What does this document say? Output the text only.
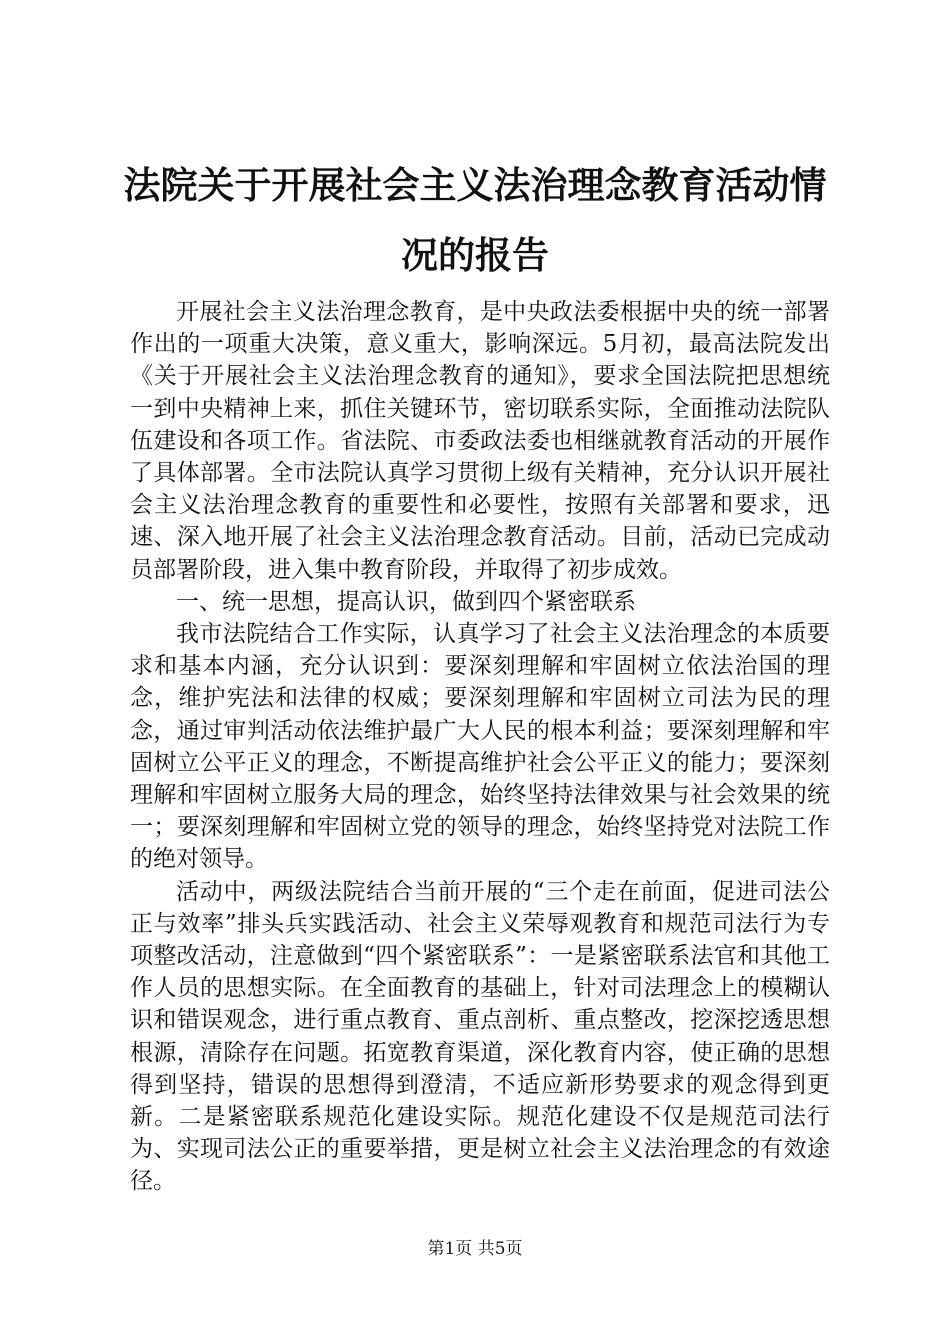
法院关于开展社会主义法治理念教育活动情况的报告

开展社会主义法治理念教育，是中央政法委根据中央的统一部署作出的一项重大决策，意义重大，影响深远。5月初，最高法院发出《关于开展社会主义法治理念教育的通知》，要求全国法院把思想统一到中央精神上来，抓住关键环节，密切联系实际，全面推动法院队伍建设和各项工作。省法院、市委政法委也相继就教育活动的开展作了具体部署。全市法院认真学习贯彻上级有关精神，充分认识开展社会主义法治理念教育的重要性和必要性，按照有关部署和要求，迅速、深入地开展了社会主义法治理念教育活动。目前，活动已完成动员部署阶段，进入集中教育阶段，并取得了初步成效。

一、统一思想，提高认识，做到四个紧密联系

我市法院结合工作实际，认真学习了社会主义法治理念的本质要求和基本内涵，充分认识到：要深刻理解和牢固树立依法治国的理念，维护宪法和法律的权威；要深刻理解和牢固树立司法为民的理念，通过审判活动依法维护最广大人民的根本利益；要深刻理解和牢固树立公平正义的理念，不断提高维护社会公平正义的能力；要深刻理解和牢固树立服务大局的理念，始终坚持法律效果与社会效果的统一；要深刻理解和牢固树立党的领导的理念，始终坚持党对法院工作的绝对领导。

活动中，两级法院结合当前开展的“三个走在前面，促进司法公正与效率”排头兵实践活动、社会主义荣辱观教育和规范司法行为专项整改活动，注意做到“四个紧密联系”：一是紧密联系法官和其他工作人员的思想实际。在全面教育的基础上，针对司法理念上的模糊认识和错误观念，进行重点教育、重点剖析、重点整改，挖深挖透思想根源，清除存在问题。拓宽教育渠道，深化教育内容，使正确的思想得到坚持，错误的思想得到澄清，不适应新形势要求的观念得到更新。二是紧密联系规范化建设实际。规范化建设不仅是规范司法行为、实现司法公正的重要举措，更是树立社会主义法治理念的有效途径。

第1页 共5页
